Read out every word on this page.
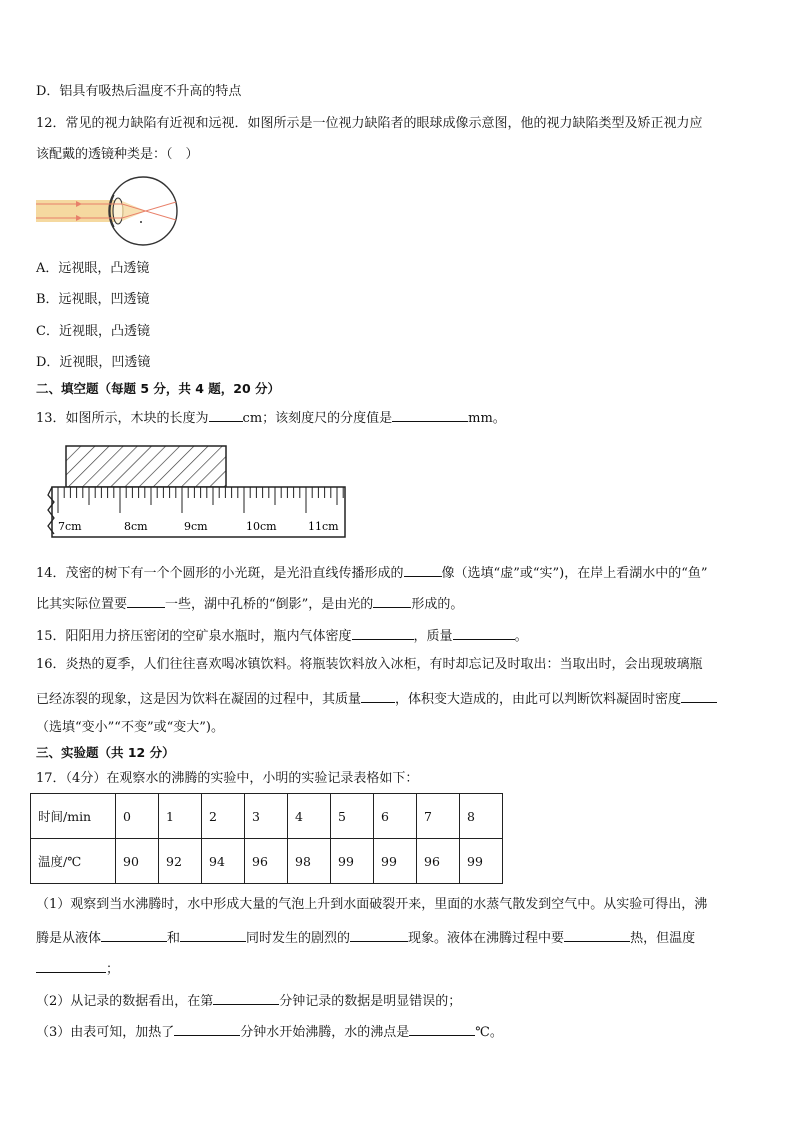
D．铝具有吸热后温度不升高的特点
12．常见的视力缺陷有近视和远视．如图所示是一位视力缺陷者的眼球成像示意图，他的视力缺陷类型及矫正视力应
该配戴的透镜种类是：（　）
A．远视眼，凸透镜
B．远视眼，凹透镜
C．近视眼，凸透镜
D．近视眼，凹透镜
二、填空题（每题 5 分，共 4 题，20 分）
13．如图所示，木块的长度为	cm；该刻度尺的分度值是	mm。
7cm	8cm	9cm	10cm	11cm
14．茂密的树下有一个个圆形的小光斑，是光沿直线传播形成的	像（选填“虚”或“实”)，在岸上看湖水中的“鱼”
比其实际位置要	一些，湖中孔桥的“倒影”，是由光的	形成的。
15．阳阳用力挤压密闭的空矿泉水瓶时，瓶内气体密度	，质量	。
16．炎热的夏季，人们往往喜欢喝冰镇饮料。将瓶装饮料放入冰柜，有时却忘记及时取出：当取出时，会出现玻璃瓶
已经冻裂的现象，这是因为饮料在凝固的过程中，其质量	，体积变大造成的，由此可以判断饮料凝固时密度
（选填“变小”“不变”或“变大”)。
三、实验题（共 12 分）
17．（4分）在观察水的沸腾的实验中，小明的实验记录表格如下：
时间/min	0	1	2	3	4	5	6	7	8
温度/℃	90	92	94	96	98	99	99	96	99
（1）观察到当水沸腾时，水中形成大量的气泡上升到水面破裂开来，里面的水蒸气散发到空气中。从实验可得出，沸
腾是从液体	和	同时发生的剧烈的	现象。液体在沸腾过程中要	热，但温度
；
（2）从记录的数据看出，在第	分钟记录的数据是明显错误的；
（3）由表可知，加热了	分钟水开始沸腾，水的沸点是	℃。
